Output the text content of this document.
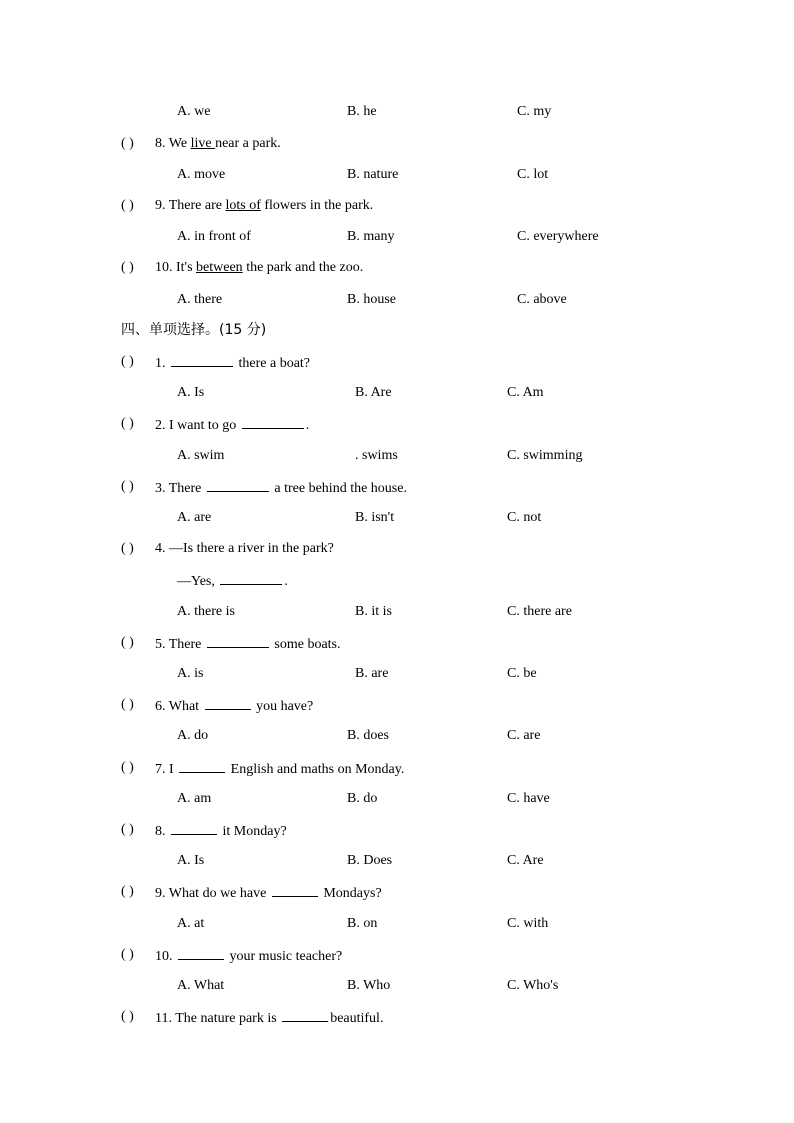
A. we	B. he	C. my
( ) 8. We live near a park.
A. move	B. nature	C. lot
( ) 9. There are lots of flowers in the park.
A. in front of	B. many	C. everywhere
( ) 10. It's between the park and the zoo.
A. there	B. house	C. above
四、单项选择。(15 分)
( ) 1.	there a boat?
A. Is	B. Are	C. Am
( ) 2. I want to go	.
A. swim	. swims	C. swimming
( ) 3. There	a tree behind the house.
A. are	B. isn't	C. not
( ) 4. —Is there a river in the park?
—Yes,	.
A. there is	B. it is	C. there are
( ) 5. There	some boats.
A. is	B. are	C. be
( ) 6. What	you have?
A. do	B. does	C. are
( ) 7. I	English and maths on Monday.
A. am	B. do	C. have
( ) 8.	it Monday?
A. Is	B. Does	C. Are
( ) 9. What do we have	Mondays?
A. at	B. on	C. with
( ) 10.	your music teacher?
A. What	B. Who	C. Who's
( ) 11. The nature park is	beautiful.
